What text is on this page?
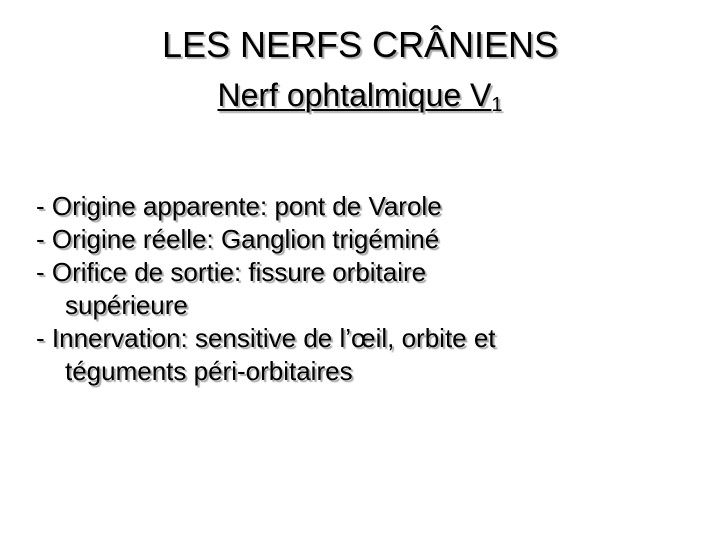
LES NERFS CRÂNIENS
Nerf ophtalmique $V_1$
- Origine apparente: pont de Varole
- Origine réelle: Ganglion trigéminé
- Orifice de sortie: fissure orbitaire
supérieure
- Innervation: sensitive de l’œil, orbite et
téguments péri-orbitaires
